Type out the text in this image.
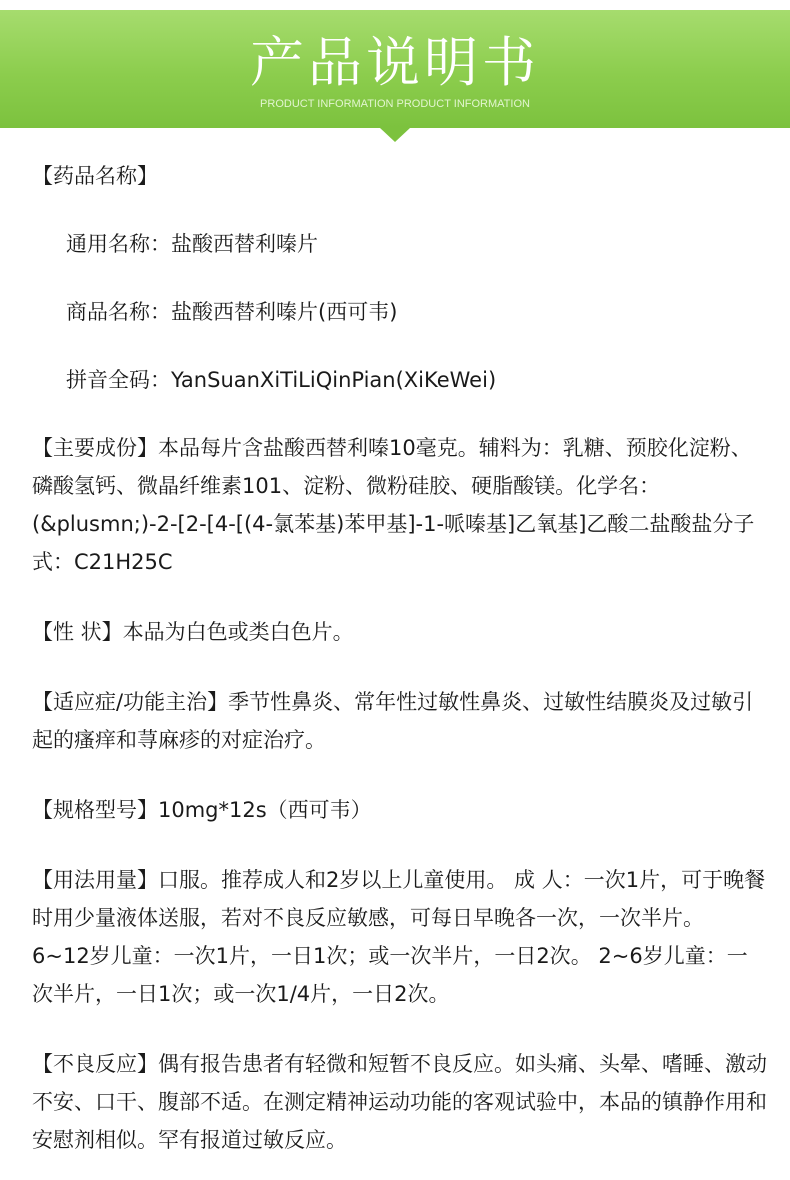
产品说明书
PRODUCT INFORMATION PRODUCT INFORMATION

【药品名称】

通用名称：盐酸西替利嗪片

商品名称：盐酸西替利嗪片(西可韦)

拼音全码：YanSuanXiTiLiQinPian(XiKeWei)

【主要成份】本品每片含盐酸西替利嗪10毫克。辅料为：乳糖、预胶化淀粉、磷酸氢钙、微晶纤维素101、淀粉、微粉硅胶、硬脂酸镁。化学名：(&plusmn;)-2-[2-[4-[(4-氯苯基)苯甲基]-1-哌嗪基]乙氧基]乙酸二盐酸盐分子式：C21H25C

【性 状】本品为白色或类白色片。

【适应症/功能主治】季节性鼻炎、常年性过敏性鼻炎、过敏性结膜炎及过敏引起的瘙痒和荨麻疹的对症治疗。

【规格型号】10mg*12s（西可韦）

【用法用量】口服。推荐成人和2岁以上儿童使用。 成 人：一次1片，可于晚餐时用少量液体送服，若对不良反应敏感，可每日早晚各一次，一次半片。 6~12岁儿童：一次1片，一日1次；或一次半片，一日2次。 2~6岁儿童：一次半片，一日1次；或一次1/4片，一日2次。

【不良反应】偶有报告患者有轻微和短暂不良反应。如头痛、头晕、嗜睡、激动不安、口干、腹部不适。在测定精神运动功能的客观试验中，本品的镇静作用和安慰剂相似。罕有报道过敏反应。
